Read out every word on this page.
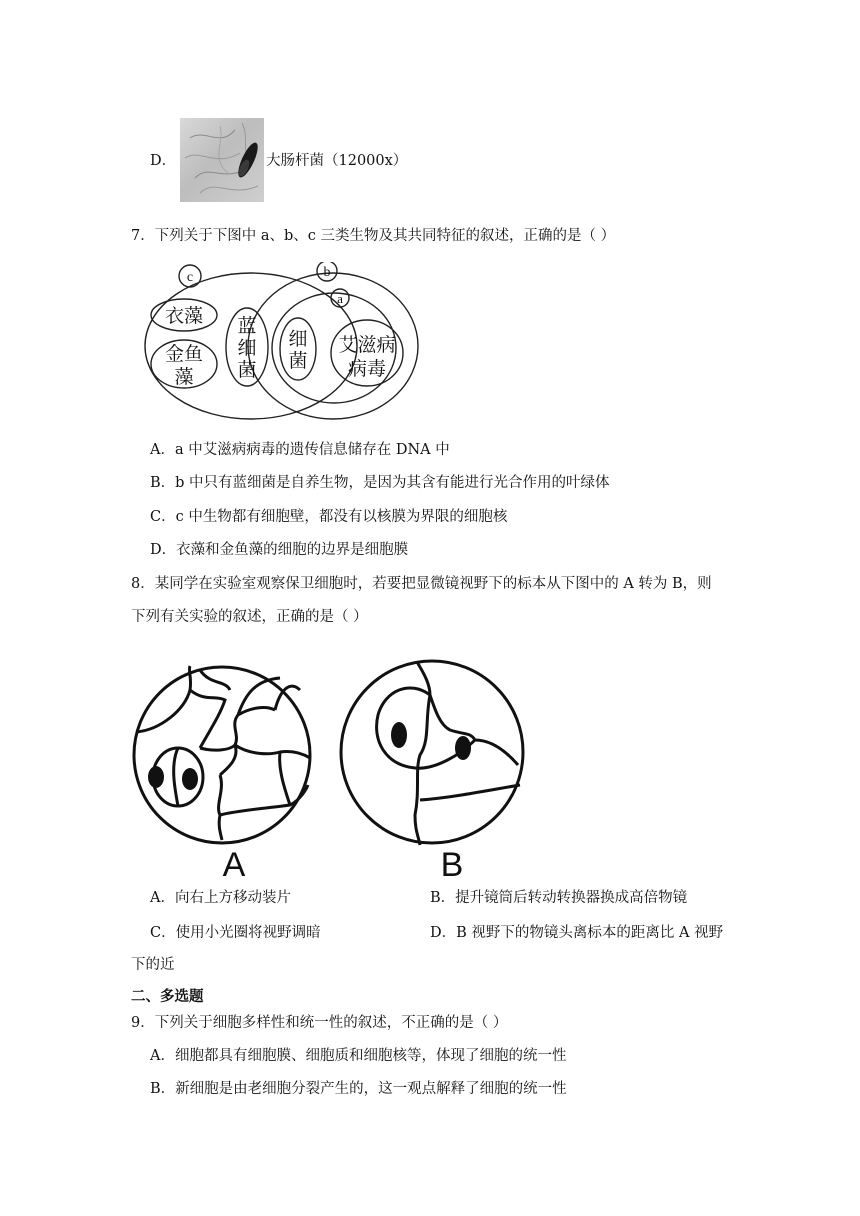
D．	大肠杆菌（12000x）
7．下列关于下图中 a、b、c 三类生物及其共同特征的叙述，正确的是（ ）
c	b
a
衣藻
金鱼
藻
蓝
细
菌
细
菌
艾滋病
病毒
A．a 中艾滋病病毒的遗传信息储存在 DNA 中
B．b 中只有蓝细菌是自养生物，是因为其含有能进行光合作用的叶绿体
C．c 中生物都有细胞壁，都没有以核膜为界限的细胞核
D．衣藻和金鱼藻的细胞的边界是细胞膜
8．某同学在实验室观察保卫细胞时，若要把显微镜视野下的标本从下图中的 A 转为 B，则
下列有关实验的叙述，正确的是（ ）
A	B
A．向右上方移动装片	B．提升镜筒后转动转换器换成高倍物镜
C．使用小光圈将视野调暗	D．B 视野下的物镜头离标本的距离比 A 视野
下的近
二、多选题
9．下列关于细胞多样性和统一性的叙述，不正确的是（ ）
A．细胞都具有细胞膜、细胞质和细胞核等，体现了细胞的统一性
B．新细胞是由老细胞分裂产生的，这一观点解释了细胞的统一性
